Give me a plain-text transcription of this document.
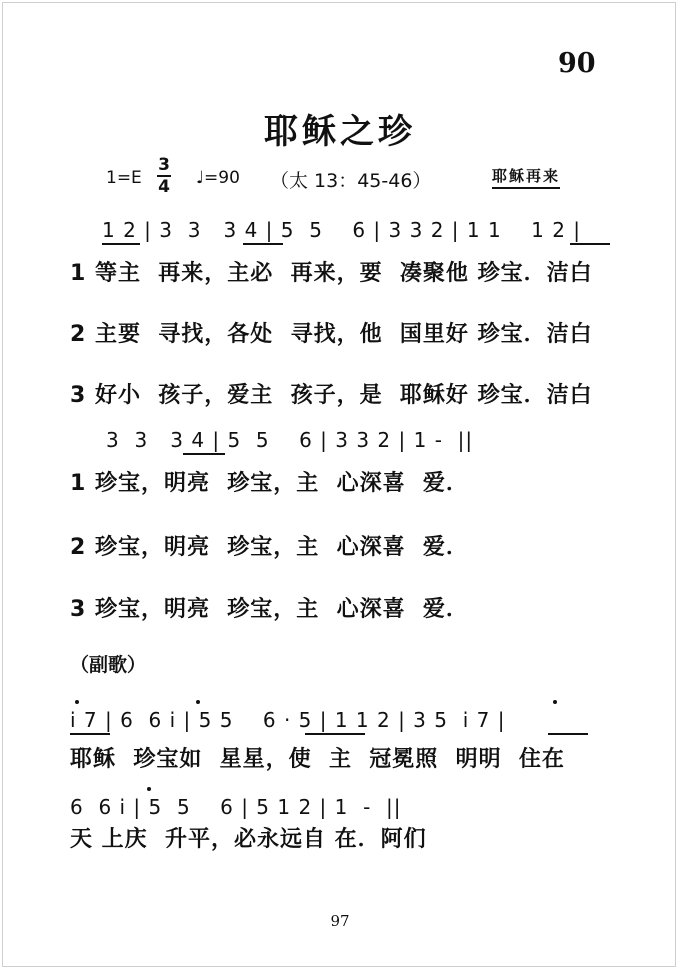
90
耶稣之珍
$1=E \frac{3}{4}$ ♩=90 （太 13：45-46）	耶稣再来
1 2 | 3  3   3 4 | 5  5    6 | 3 3 2 | 1 1    1 2 |
1 等主  再来，主必  再来，要  凑聚他 珍宝．洁白
2 主要  寻找，各处  寻找，他  国里好 珍宝．洁白
3 好小  孩子，爱主  孩子，是  耶稣好 珍宝．洁白
3  3   3 4 | 5  5    6 | 3 3 2 | 1 -  ||
1 珍宝，明亮  珍宝，主  心深喜  爱．
2 珍宝，明亮  珍宝，主  心深喜  爱．
3 珍宝，明亮  珍宝，主  心深喜  爱．
（副歌）
i 7 | 6  6 i | 5 5    6 · 5 | 1 1 2 | 3 5  i 7 |
耶稣  珍宝如  星星，使  主  冠冕照  明明  住在
6  6 i | 5  5    6 | 5 1 2 | 1  -  ||
天 上庆  升平，必永远自 在．阿们
97
